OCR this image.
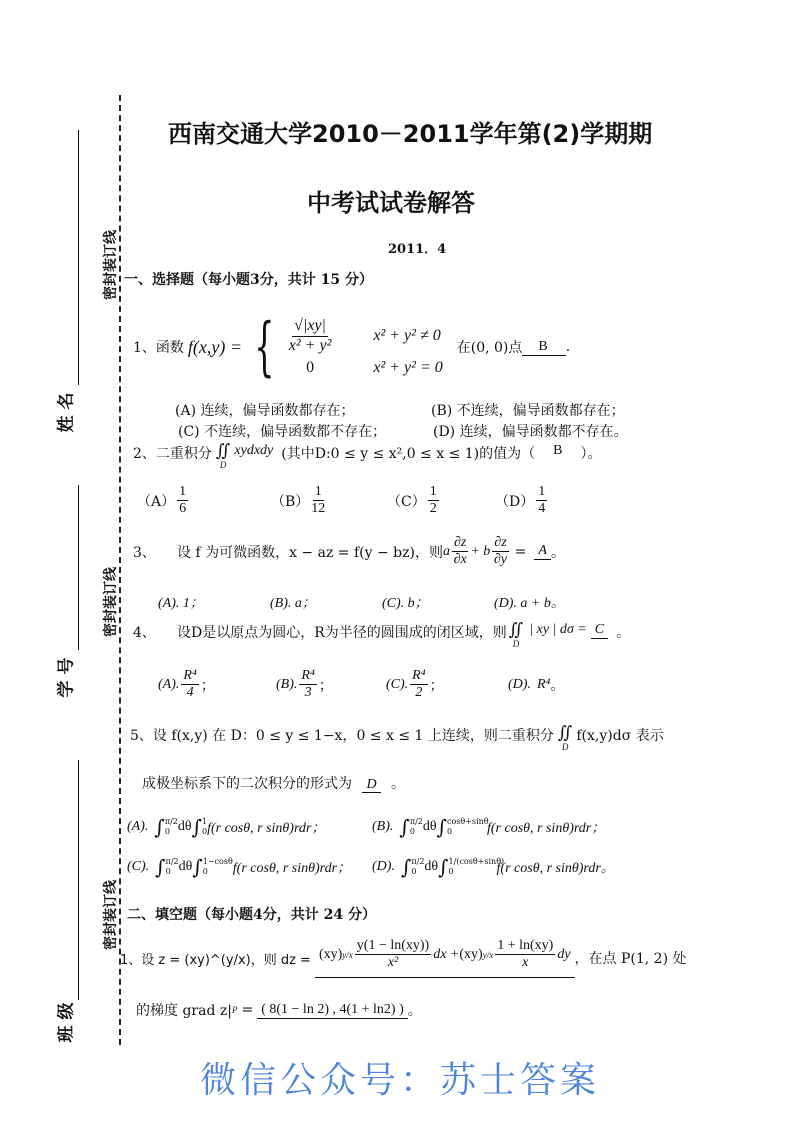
密封装订线
密封装订线
密封装订线
姓 名
学 号
班 级
西南交通大学2010－2011学年第(2)学期期
中考试试卷解答
2011．4
一、选择题（每小题3分，共计 15 分）
1、函数 f(x,y) = { $\frac{√|xy|}{\text{x² + y²}}$	x² + y² ≠ 0
0	x² + y² = 0
在(0, 0)点	B	.
(A) 连续，偏导函数都存在；	(B) 不连续，偏导函数都存在；
(C) 不连续，偏导函数都不存在；	(D) 连续，偏导函数都不存在。
2、二重积分 ∬
D
xydxdy (其中D:0 ≤ y ≤ x²,0 ≤ x ≤ 1) 的值为（ B ）。
$(A) \frac{1}{6}$	$(B) \frac{1}{12}$	$(C) \frac{1}{2}$	$(D) \frac{1}{4}$
3、	设 f 为可微函数，x − az = f(y − bz)，则 a $\frac{\partial z}{\partial x} + b \frac{\partial z}{\partial y} = A$ 。
(A). 1；	(B). a；	(C). b；	(D). a + b。
4、	设D是以原点为圆心，R为半径的圆围成的闭区域，则 ∬
D
| xy | dσ = C 。
(A). $\frac{\text{R⁴}}{4}$ ；	(B). $\frac{\text{R⁴}}{3}$ ；	(C). $\frac{\text{R⁴}}{2}$ ；	(D). R⁴ 。
5、设 f(x,y) 在 D：0 ≤ y ≤ 1−x，0 ≤ x ≤ 1 上连续，则二重积分 ∬
D
f(x,y)dσ 表示
成极坐标系下的二次积分的形式为 D 。
(A). ∫ π/2
0 dθ ∫ 1
0 f(r cosθ, r sinθ)rdr；	(B). ∫ π/2
0 dθ ∫ cosθ+sinθ
0	f(r cosθ, r sinθ)rdr；
(C). ∫ π/2
0 dθ ∫ 1−cosθ
0	f(r cosθ, r sinθ)rdr； (D). ∫ π/2
0 dθ ∫ 1/(cosθ+sinθ)
0	f(r cosθ, r sinθ)rdr。
二、填空题（每小题4分，共计 24 分）
1、设 z = (xy)^(y/x)，则 dz = (xy) $y/x \frac{y(1 - \ln(xy))}{\text{x²}}$ dx + (xy) $y/x \frac{1 + \ln(xy)}{x}$ dy ，在点 P(1, 2) 处
的梯度 grad z| P = ( 8(1 − ln 2) , 4(1 + ln2) ) 。
微信公众号：苏士答案
